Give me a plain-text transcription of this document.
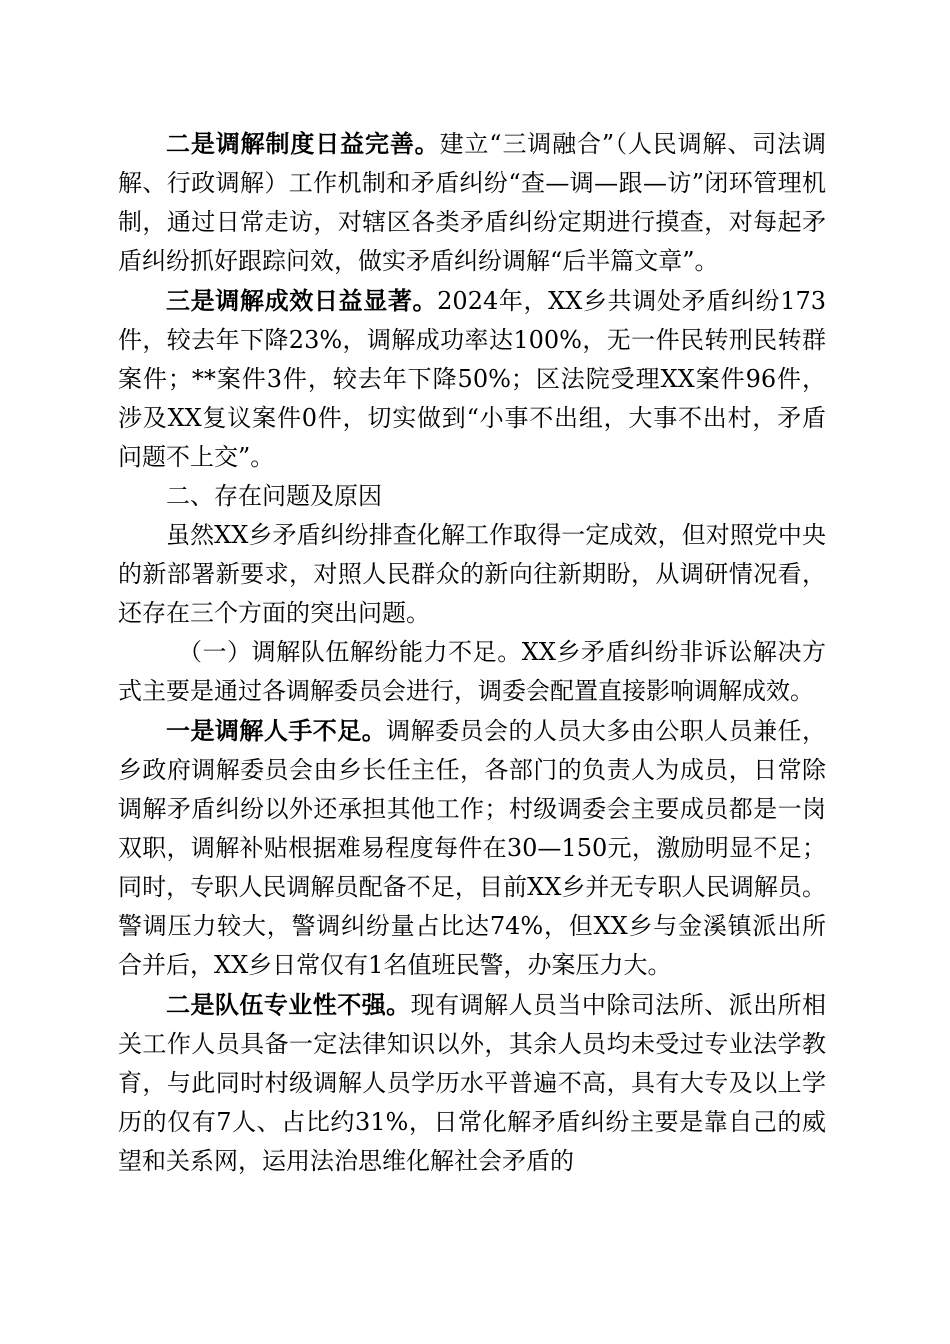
二是调解制度日益完善。建立“三调融合”（人民调解、司法调解、行政调解）工作机制和矛盾纠纷“查—调—跟—访”闭环管理机制，通过日常走访，对辖区各类矛盾纠纷定期进行摸查，对每起矛盾纠纷抓好跟踪问效，做实矛盾纠纷调解“后半篇文章”。

三是调解成效日益显著。2024年，XX乡共调处矛盾纠纷173件，较去年下降23%，调解成功率达100%，无一件民转刑民转群案件；**案件3件，较去年下降50%；区法院受理XX案件96件，涉及XX复议案件0件，切实做到“小事不出组，大事不出村，矛盾问题不上交”。

二、存在问题及原因

虽然XX乡矛盾纠纷排查化解工作取得一定成效，但对照党中央的新部署新要求，对照人民群众的新向往新期盼，从调研情况看，还存在三个方面的突出问题。

（一）调解队伍解纷能力不足。XX乡矛盾纠纷非诉讼解决方式主要是通过各调解委员会进行，调委会配置直接影响调解成效。

一是调解人手不足。调解委员会的人员大多由公职人员兼任，乡政府调解委员会由乡长任主任，各部门的负责人为成员，日常除调解矛盾纠纷以外还承担其他工作；村级调委会主要成员都是一岗双职，调解补贴根据难易程度每件在30—150元，激励明显不足；同时，专职人民调解员配备不足，目前XX乡并无专职人民调解员。警调压力较大，警调纠纷量占比达74%，但XX乡与金溪镇派出所合并后，XX乡日常仅有1名值班民警，办案压力大。

二是队伍专业性不强。现有调解人员当中除司法所、派出所相关工作人员具备一定法律知识以外，其余人员均未受过专业法学教育，与此同时村级调解人员学历水平普遍不高，具有大专及以上学历的仅有7人、占比约31%，日常化解矛盾纠纷主要是靠自己的威望和关系网，运用法治思维化解社会矛盾的
